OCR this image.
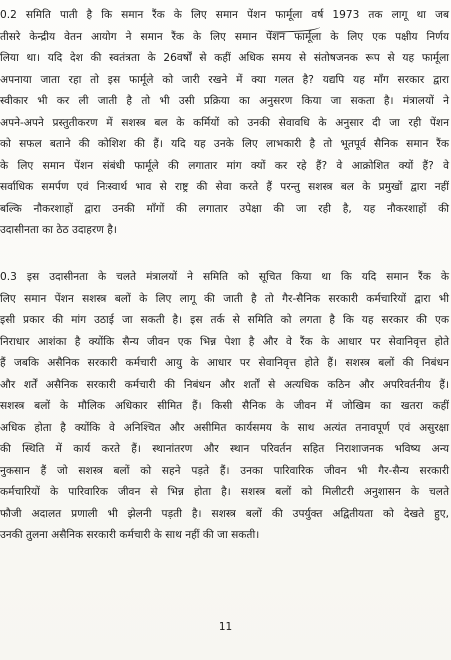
0.2 समिति पाती है कि समान रैंक के लिए समान पेंशन फार्मूला वर्ष 1973 तक लागू था जब
तीसरे केन्द्रीय वेतन आयोग ने समान रैंक के लिए समान पेंशन फार्मूला के लिए एक पक्षीय निर्णय
लिया था। यदि देश की स्वतंत्रता के 26वर्षों से कहीं अधिक समय से संतोषजनक रूप से यह फार्मूला
अपनाया जाता रहा तो इस फार्मूले को जारी रखने में क्या गलत है? यद्यपि यह माँग सरकार द्वारा
स्वीकार भी कर ली जाती है तो भी उसी प्रक्रिया का अनुसरण किया जा सकता है। मंत्रालयों ने
अपने-अपने प्रस्तुतीकरण में सशस्त्र बल के कर्मियों को उनकी सेवावधि के अनुसार दी जा रही पेंशन
को सफल बताने की कोशिश की हैं। यदि यह उनके लिए लाभकारी है तो भूतपूर्व सैनिक समान रैंक
के लिए समान पेंशन संबंधी फार्मूले की लगातार मांग क्यों कर रहे हैं? वे आक्रोशित क्यों हैं? वे
सर्वाधिक समर्पण एवं निःस्वार्थ भाव से राष्ट्र की सेवा करते हैं परन्तु सशस्त्र बल के प्रमुखों द्वारा नहीं
बल्कि नौकरशाहों द्वारा उनकी माँगों की लगातार उपेक्षा की जा रही है, यह नौकरशाहों की
उदासीनता का ठेठ उदाहरण है।
0.3 इस उदासीनता के चलते मंत्रालयों ने समिति को सूचित किया था कि यदि समान रैंक के
लिए समान पेंशन सशस्त्र बलों के लिए लागू की जाती है तो गैर-सैनिक सरकारी कर्मचारियों द्वारा भी
इसी प्रकार की मांग उठाई जा सकती है। इस तर्क से समिति को लगता है कि यह सरकार की एक
निराधार आशंका है क्योंकि सैन्य जीवन एक भिन्न पेशा है और वे रैंक के आधार पर सेवानिवृत्त होते
हैं जबकि असैनिक सरकारी कर्मचारी आयु के आधार पर सेवानिवृत्त होते हैं। सशस्त्र बलों की निबंधन
और शर्तें असैनिक सरकारी कर्मचारी की निबंधन और शर्तों से अत्यधिक कठिन और अपरिवर्तनीय हैं।
सशस्त्र बलों के मौलिक अधिकार सीमित हैं। किसी सैनिक के जीवन में जोखिम का खतरा कहीं
अधिक होता है क्योंकि वे अनिश्चित और असीमित कार्यसमय के साथ अत्यंत तनावपूर्ण एवं असुरक्षा
की स्थिति में कार्य करते हैं। स्थानांतरण और स्थान परिवर्तन सहित निराशाजनक भविष्य अन्य
नुकसान हैं जो सशस्त्र बलों को सहने पड़ते हैं। उनका पारिवारिक जीवन भी गैर-सैन्य सरकारी
कर्मचारियों के पारिवारिक जीवन से भिन्न होता है। सशस्त्र बलों को मिलीटरी अनुशासन के चलते
फौजी अदालत प्रणाली भी झेलनी पड़ती है। सशस्त्र बलों की उपर्युक्त अद्वितीयता को देखते हुए,
उनकी तुलना असैनिक सरकारी कर्मचारी के साथ नहीं की जा सकती।
11
